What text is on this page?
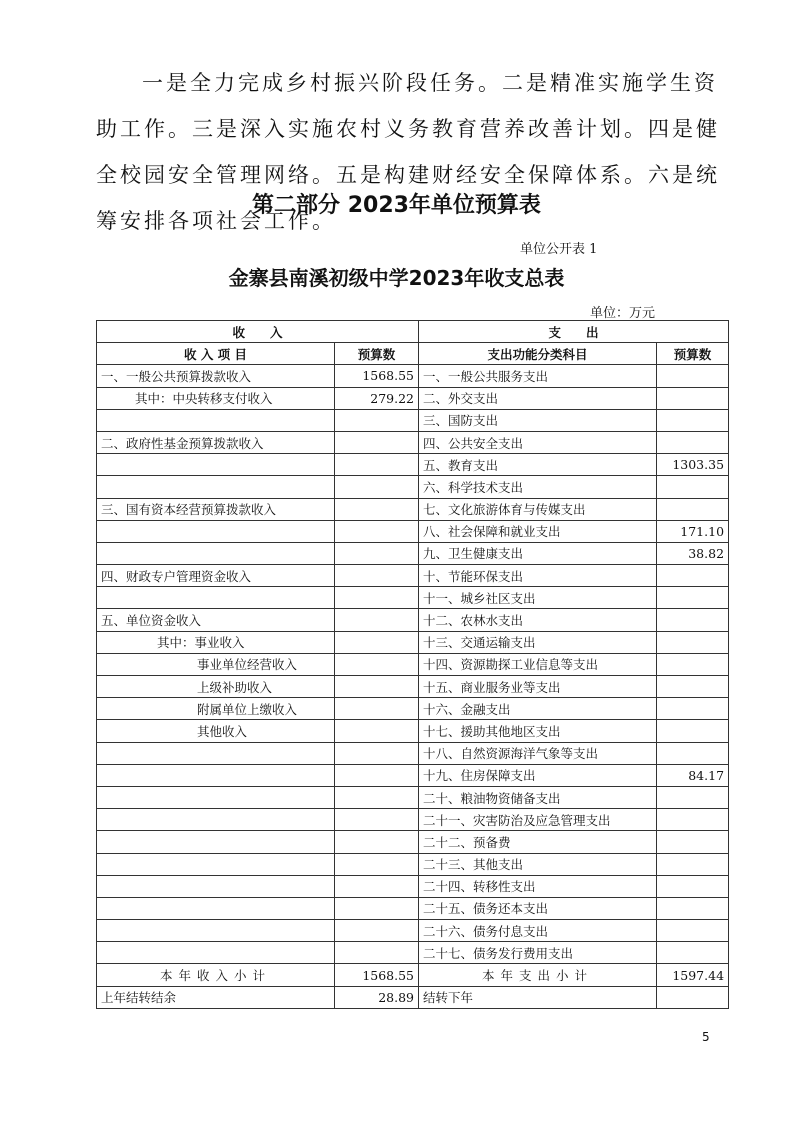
一是全力完成乡村振兴阶段任务。二是精准实施学生资助工作。三是深入实施农村义务教育营养改善计划。四是健全校园安全管理网络。五是构建财经安全保障体系。六是统筹安排各项社会工作。

第二部分 2023年单位预算表
单位公开表 1
金寨县南溪初级中学2023年收支总表
单位：万元
收　　入		支　　出	
收 入 项 目	预算数	支出功能分类科目	预算数
一、一般公共预算拨款收入	1568.55	一、一般公共服务支出	
其中：中央转移支付收入	279.22	二、外交支出	
		三、国防支出	
二、政府性基金预算拨款收入		四、公共安全支出	
		五、教育支出	1303.35
		六、科学技术支出	
三、国有资本经营预算拨款收入		七、文化旅游体育与传媒支出	
		八、社会保障和就业支出	171.10
		九、卫生健康支出	38.82
四、财政专户管理资金收入		十、节能环保支出	
		十一、城乡社区支出	
五、单位资金收入		十二、农林水支出	
其中：事业收入		十三、交通运输支出	
事业单位经营收入		十四、资源勘探工业信息等支出	
上级补助收入		十五、商业服务业等支出	
附属单位上缴收入		十六、金融支出	
其他收入		十七、援助其他地区支出	
		十八、自然资源海洋气象等支出	
		十九、住房保障支出	84.17
		二十、粮油物资储备支出	
		二十一、灾害防治及应急管理支出	
		二十二、预备费	
		二十三、其他支出	
		二十四、转移性支出	
		二十五、债务还本支出	
		二十六、债务付息支出	
		二十七、债务发行费用支出	
本年收入小计	1568.55	本年支出小计	1597.44
上年结转结余	28.89	结转下年	
5
